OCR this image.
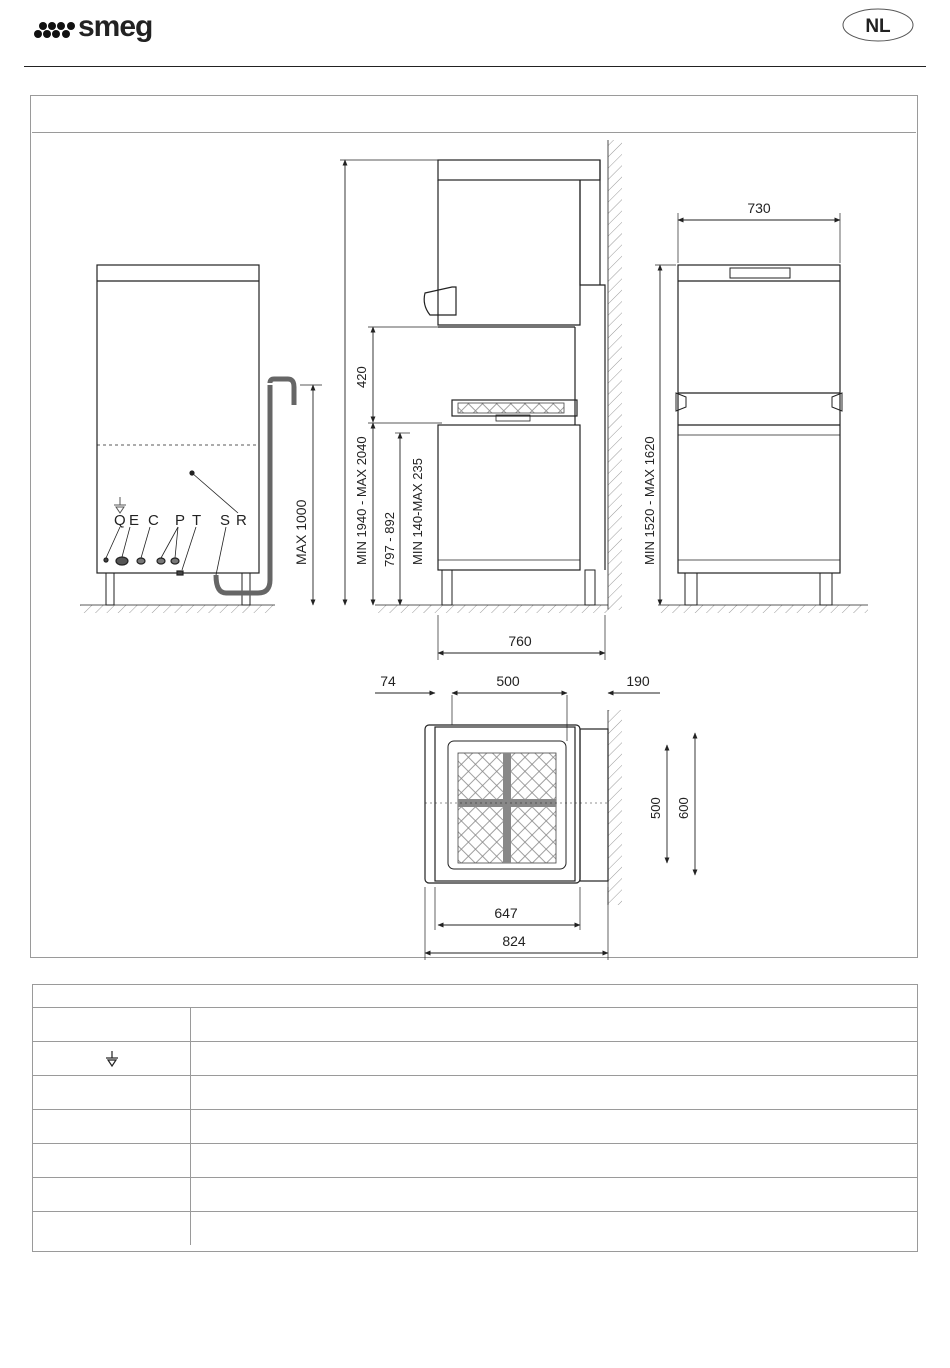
smeg	NL
Q E C P T S R	MAX 1000	MIN 1940 - MAX 2040
420
797 - 892 MIN 140-MAX 235
760
730
MIN 1520 - MAX 1620
74	500	190
647
824
500 600
